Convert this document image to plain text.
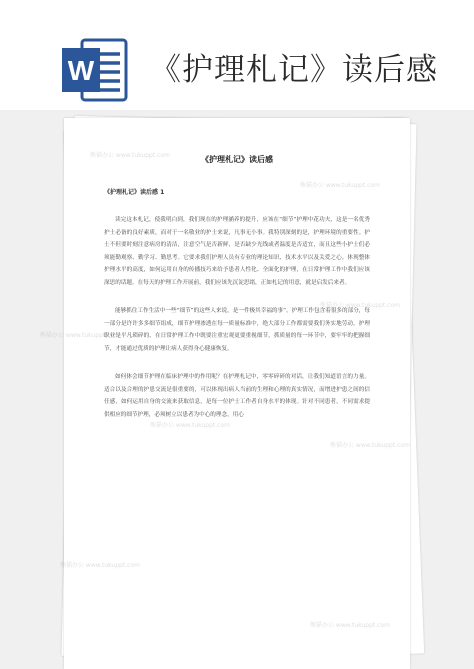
W 《护理札记》读后感
《护理札记》读后感
《护理札记》读后感 1

读完这本札记，使我明白到，我们现在的护理涵养的提升，应该在“细节”护理中花功夫，这是一名优秀护士必备的良好素质，而对于一名敬业的护士来说，凡事无小事。我特别深刻的是，护理环境的重要性。护士不但要时刻注意病房的清洁，注意空气是否新鲜，是否缺少光线或者温度是否适宜，而且这些小护士们必须能勤观察、勤学习、勤思考。它要求我们护理人员有专业的理论知识、技术水平以及关爱之心。体现整体护理水平的高度，如何运用自身的传播技巧来给予患者人性化、全面化的护理，在日常护理工作中我们应该深思的话题。在每天的护理工作开展前，我们应该先沉淀思绪，正如札记的用意，就是启发后来者。

能够抓住工作生活中一些“细节”的这些人来说，是一件极其幸福的事”。护理工作包含着很多的部分，每一部分是许许多多细节组成，细节护理渗透在每一质量标准中，绝大部分工作都需要我们务实地劳动。护理职业是平凡琐碎的，在日常护理工作中既要注重宏观更要重视细节，抓质量的每一环节中，要牢牢的把握细节，才能通过优质的护理让病人获得身心健康恢复。

如何体会细节护理在临床护理中的作用呢？在护理札记中，零零碎碎的对话，让我们知道语言的力量。适合以及合理的护患交流是很重要的，可以体现出病人当前的生理和心理的真实情况，而增进护患之间的信任感，如何运用自身的交流来获取信息，是每一位护士工作者自身水平的体现。针对不同患者，不同需求提供相应的细节护理，必须树立以患者为中心的理念，用心

熊猫办公 www.tukuppt.com
熊猫办公 www.tukuppt.com
熊猫办公 www.tukuppt.com
熊猫办公 www.tukuppt.com
熊猫办公 www.tukuppt.com
熊猫办公 www.tukuppt.com
熊猫办公 www.tukuppt.com
熊猫办公 www.tukuppt.com
